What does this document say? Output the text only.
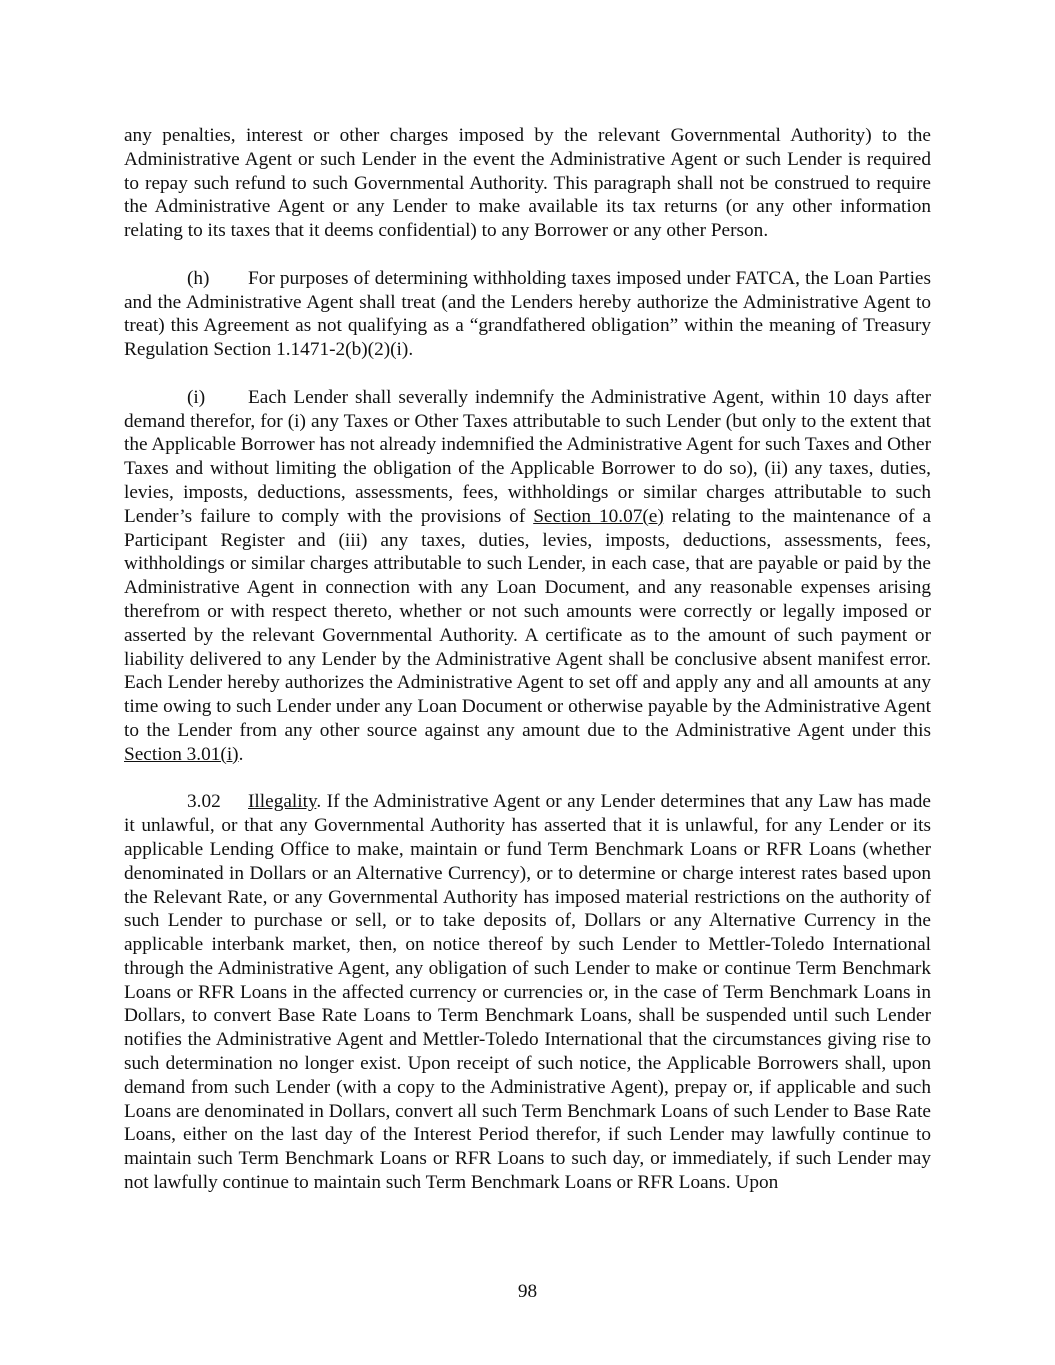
any penalties, interest or other charges imposed by the relevant Governmental Authority) to the Administrative Agent or such Lender in the event the Administrative Agent or such Lender is required to repay such refund to such Governmental Authority. This paragraph shall not be construed to require the Administrative Agent or any Lender to make available its tax returns (or any other information relating to its taxes that it deems confidential) to any Borrower or any other Person.

(h) For purposes of determining withholding taxes imposed under FATCA, the Loan Parties and the Administrative Agent shall treat (and the Lenders hereby authorize the Administrative Agent to treat) this Agreement as not qualifying as a “grandfathered obligation” within the meaning of Treasury Regulation Section 1.1471-2(b)(2)(i).

(i) Each Lender shall severally indemnify the Administrative Agent, within 10 days after demand therefor, for (i) any Taxes or Other Taxes attributable to such Lender (but only to the extent that the Applicable Borrower has not already indemnified the Administrative Agent for such Taxes and Other Taxes and without limiting the obligation of the Applicable Borrower to do so), (ii) any taxes, duties, levies, imposts, deductions, assessments, fees, withholdings or similar charges attributable to such Lender’s failure to comply with the provisions of Section 10.07(e) relating to the maintenance of a Participant Register and (iii) any taxes, duties, levies, imposts, deductions, assessments, fees, withholdings or similar charges attributable to such Lender, in each case, that are payable or paid by the Administrative Agent in connection with any Loan Document, and any reasonable expenses arising therefrom or with respect thereto, whether or not such amounts were correctly or legally imposed or asserted by the relevant Governmental Authority. A certificate as to the amount of such payment or liability delivered to any Lender by the Administrative Agent shall be conclusive absent manifest error. Each Lender hereby authorizes the Administrative Agent to set off and apply any and all amounts at any time owing to such Lender under any Loan Document or otherwise payable by the Administrative Agent to the Lender from any other source against any amount due to the Administrative Agent under this Section 3.01(i).

3.02 Illegality. If the Administrative Agent or any Lender determines that any Law has made it unlawful, or that any Governmental Authority has asserted that it is unlawful, for any Lender or its applicable Lending Office to make, maintain or fund Term Benchmark Loans or RFR Loans (whether denominated in Dollars or an Alternative Currency), or to determine or charge interest rates based upon the Relevant Rate, or any Governmental Authority has imposed material restrictions on the authority of such Lender to purchase or sell, or to take deposits of, Dollars or any Alternative Currency in the applicable interbank market, then, on notice thereof by such Lender to Mettler-Toledo International through the Administrative Agent, any obligation of such Lender to make or continue Term Benchmark Loans or RFR Loans in the affected currency or currencies or, in the case of Term Benchmark Loans in Dollars, to convert Base Rate Loans to Term Benchmark Loans, shall be suspended until such Lender notifies the Administrative Agent and Mettler-Toledo International that the circumstances giving rise to such determination no longer exist. Upon receipt of such notice, the Applicable Borrowers shall, upon demand from such Lender (with a copy to the Administrative Agent), prepay or, if applicable and such Loans are denominated in Dollars, convert all such Term Benchmark Loans of such Lender to Base Rate Loans, either on the last day of the Interest Period therefor, if such Lender may lawfully continue to maintain such Term Benchmark Loans or RFR Loans to such day, or immediately, if such Lender may not lawfully continue to maintain such Term Benchmark Loans or RFR Loans. Upon

98
